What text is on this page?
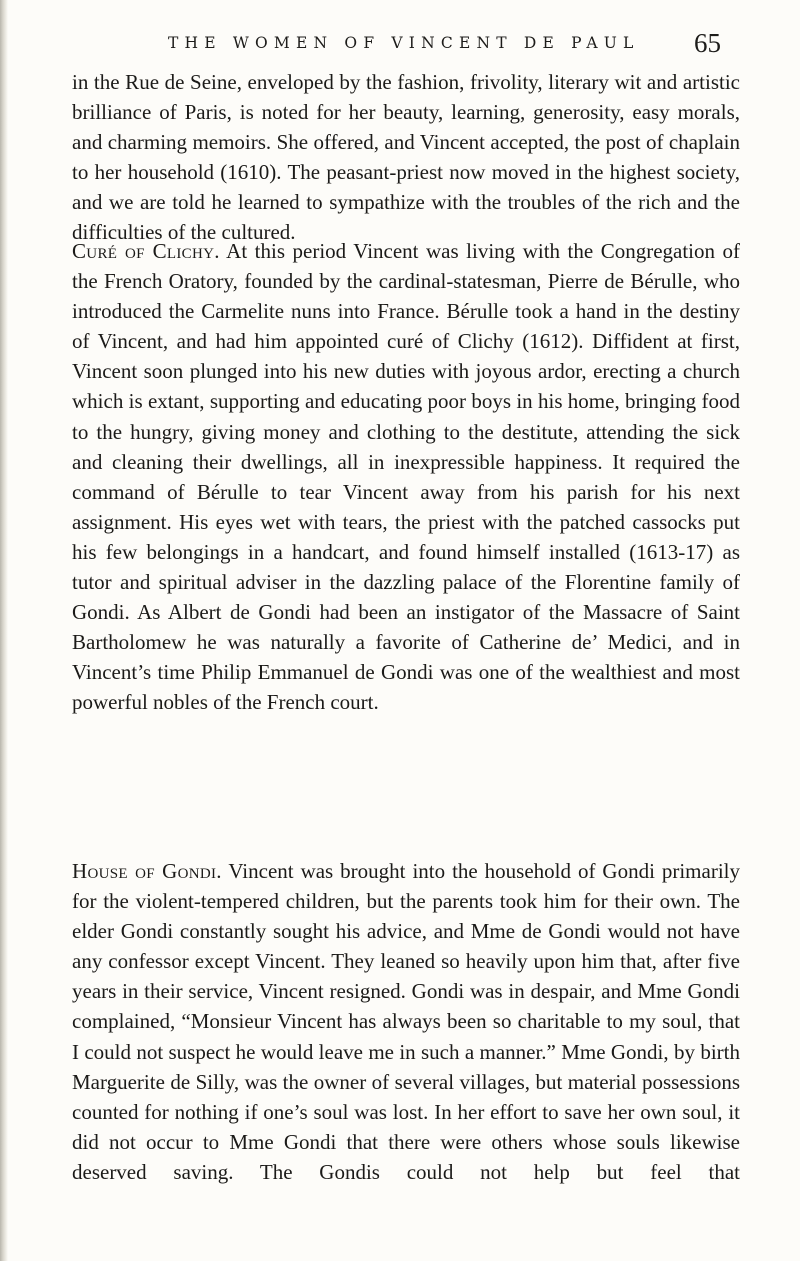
THE WOMEN OF VINCENT DE PAUL	65

in the Rue de Seine, enveloped by the fashion, frivolity, literary wit and artistic brilliance of Paris, is noted for her beauty, learning, generosity, easy morals, and charming memoirs. She offered, and Vincent accepted, the post of chaplain to her household (1610). The peasant-priest now moved in the highest society, and we are told he learned to sympathize with the troubles of the rich and the difficulties of the cultured.

Curé of Clichy. At this period Vincent was living with the Congregation of the French Oratory, founded by the cardinal-statesman, Pierre de Bérulle, who introduced the Carmelite nuns into France. Bérulle took a hand in the destiny of Vincent, and had him appointed curé of Clichy (1612). Diffident at first, Vincent soon plunged into his new duties with joyous ardor, erecting a church which is extant, supporting and educating poor boys in his home, bringing food to the hungry, giving money and clothing to the destitute, attending the sick and cleaning their dwellings, all in inexpressible happiness. It required the command of Bérulle to tear Vincent away from his parish for his next assignment. His eyes wet with tears, the priest with the patched cassocks put his few belongings in a handcart, and found himself installed (1613-17) as tutor and spiritual adviser in the dazzling palace of the Florentine family of Gondi. As Albert de Gondi had been an instigator of the Massacre of Saint Bartholomew he was naturally a favorite of Catherine de’ Medici, and in Vincent’s time Philip Emmanuel de Gondi was one of the wealthiest and most powerful nobles of the French court.

House of Gondi. Vincent was brought into the household of Gondi primarily for the violent-tempered children, but the parents took him for their own. The elder Gondi constantly sought his advice, and Mme de Gondi would not have any confessor except Vincent. They leaned so heavily upon him that, after five years in their service, Vincent resigned. Gondi was in despair, and Mme Gondi complained, “Monsieur Vincent has always been so charitable to my soul, that I could not suspect he would leave me in such a manner.” Mme Gondi, by birth Marguerite de Silly, was the owner of several villages, but material possessions counted for nothing if one’s soul was lost. In her effort to save her own soul, it did not occur to Mme Gondi that there were others whose souls likewise deserved saving. The Gondis could not help but feel that
